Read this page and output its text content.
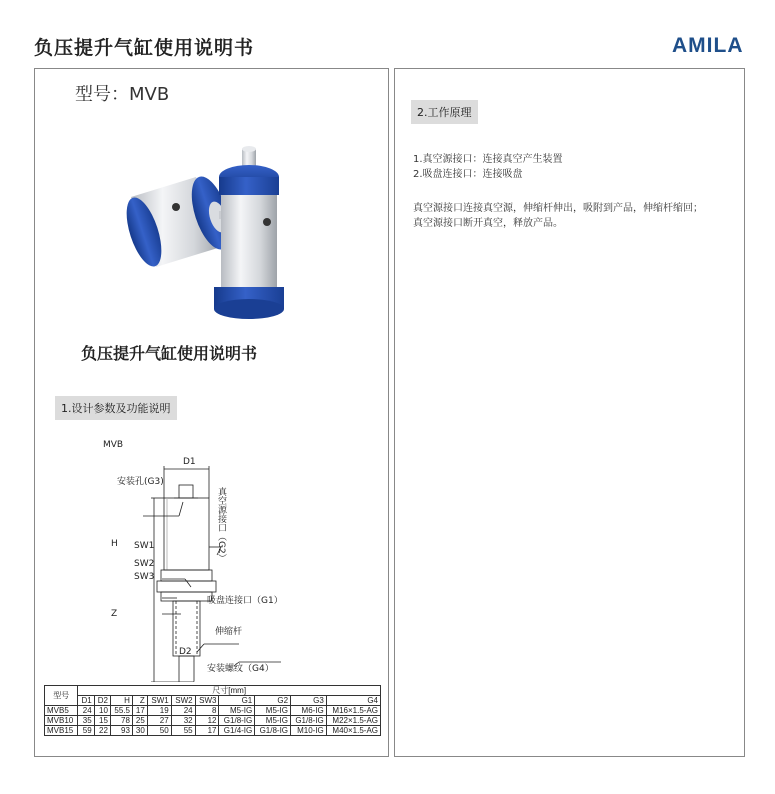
负压提升气缸使用说明书	AMILA
型号：MVB
负压提升气缸使用说明书
1.设计参数及功能说明
MVB
D1
安装孔(G3)
真空源接口（G2）
H SW1
SW2
SW3
吸盘连接口（G1）
Z
伸缩杆
D2
安装螺纹（G4）
型号	尺寸[mm]										
	D1	D2	H	Z	SW1	SW2	SW3	G1	G2	G3	G4
MVB5	24	10	55.5	17	19	24	8	M5-IG	M5-IG	M6-IG	M16×1.5-AG
MVB10	35	15	78	25	27	32	12	G1/8-IG	M5-IG	G1/8-IG	M22×1.5-AG
MVB15	59	22	93	30	50	55	17	G1/4-IG	G1/8-IG	M10-IG	M40×1.5-AG
2.工作原理
1.真空源接口：连接真空产生装置
2.吸盘连接口：连接吸盘
真空源接口连接真空源，伸缩杆伸出，吸附到产品，伸缩杆缩回；
真空源接口断开真空，释放产品。
